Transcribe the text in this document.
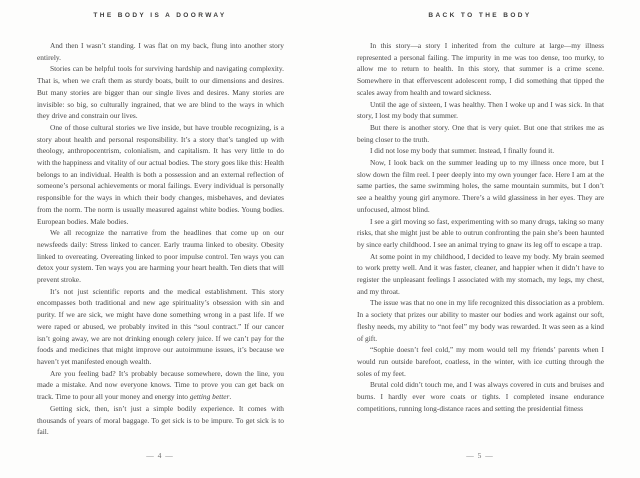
THE BODY IS A DOORWAY

And then I wasn’t standing. I was flat on my back, flung into another story entirely.

Stories can be helpful tools for surviving hardship and navigating complexity. That is, when we craft them as sturdy boats, built to our dimensions and desires. But many stories are bigger than our single lives and desires. Many stories are invisible: so big, so culturally ingrained, that we are blind to the ways in which they drive and constrain our lives.

One of those cultural stories we live inside, but have trouble recognizing, is a story about health and personal responsibility. It’s a story that’s tangled up with theology, anthropocentrism, colonialism, and capitalism. It has very little to do with the happiness and vitality of our actual bodies. The story goes like this: Health belongs to an individual. Health is both a possession and an external reflection of someone’s personal achievements or moral failings. Every individual is personally responsible for the ways in which their body changes, misbehaves, and deviates from the norm. The norm is usually measured against white bodies. Young bodies. European bodies. Male bodies.

We all recognize the narrative from the headlines that come up on our newsfeeds daily: Stress linked to cancer. Early trauma linked to obesity. Obesity linked to overeating. Overeating linked to poor impulse control. Ten ways you can detox your system. Ten ways you are harming your heart health. Ten diets that will prevent stroke.

It’s not just scientific reports and the medical establishment. This story encompasses both traditional and new age spirituality’s obsession with sin and purity. If we are sick, we might have done something wrong in a past life. If we were raped or abused, we probably invited in this “soul contract.” If our cancer isn’t going away, we are not drinking enough celery juice. If we can’t pay for the foods and medicines that might improve our autoimmune issues, it’s because we haven’t yet manifested enough wealth.

Are you feeling bad? It’s probably because somewhere, down the line, you made a mistake. And now everyone knows. Time to prove you can get back on track. Time to pour all your money and energy into getting better.

Getting sick, then, isn’t just a simple bodily experience. It comes with thousands of years of moral baggage. To get sick is to be impure. To get sick is to fail.

— 4 —
BACK TO THE BODY

In this story—a story I inherited from the culture at large—my illness represented a personal failing. The impurity in me was too dense, too murky, to allow me to return to health. In this story, that summer is a crime scene. Somewhere in that effervescent adolescent romp, I did something that tipped the scales away from health and toward sickness.

Until the age of sixteen, I was healthy. Then I woke up and I was sick. In that story, I lost my body that summer.

But there is another story. One that is very quiet. But one that strikes me as being closer to the truth.

I did not lose my body that summer. Instead, I finally found it.

Now, I look back on the summer leading up to my illness once more, but I slow down the film reel. I peer deeply into my own younger face. Here I am at the same parties, the same swimming holes, the same mountain summits, but I don’t see a healthy young girl anymore. There’s a wild glassiness in her eyes. They are unfocused, almost blind.

I see a girl moving so fast, experimenting with so many drugs, taking so many risks, that she might just be able to outrun confronting the pain she’s been haunted by since early childhood. I see an animal trying to gnaw its leg off to escape a trap.

At some point in my childhood, I decided to leave my body. My brain seemed to work pretty well. And it was faster, cleaner, and happier when it didn’t have to register the unpleasant feelings I associated with my stomach, my legs, my chest, and my throat.

The issue was that no one in my life recognized this dissociation as a problem. In a society that prizes our ability to master our bodies and work against our soft, fleshy needs, my ability to “not feel” my body was rewarded. It was seen as a kind of gift.

“Sophie doesn’t feel cold,” my mom would tell my friends’ parents when I would run outside barefoot, coatless, in the winter, with ice cutting through the soles of my feet.

Brutal cold didn’t touch me, and I was always covered in cuts and bruises and burns. I hardly ever wore coats or tights. I completed insane endurance competitions, running long-distance races and setting the presidential fitness

— 5 —
